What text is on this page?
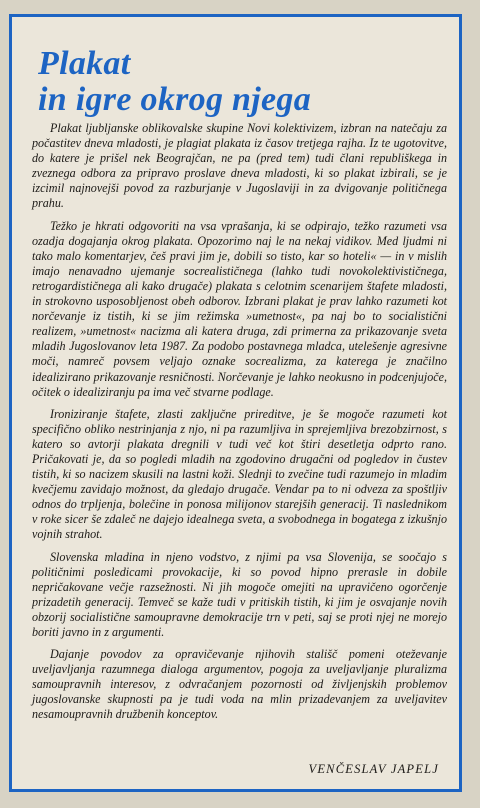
Plakat
in igre okrog njega

Plakat ljubljanske oblikovalske skupine Novi kolektivizem, izbran na natečaju za počastitev dneva mladosti, je plagiat plakata iz časov tretjega rajha. Iz te ugotovitve, do katere je prišel nek Beograjčan, ne pa (pred tem) tudi člani republiškega in zveznega odbora za pripravo proslave dneva mladosti, ki so plakat izbirali, se je izcimil najnovejši povod za razburjanje v Jugoslaviji in za dvigovanje političnega prahu.

Težko je hkrati odgovoriti na vsa vprašanja, ki se odpirajo, težko razumeti vsa ozadja dogajanja okrog plakata. Opozorimo naj le na nekaj vidikov. Med ljudmi ni tako malo komentarjev, češ pravi jim je, dobili so tisto, kar so hoteli« — in v mislih imajo nenavadno ujemanje socrealističnega (lahko tudi novokolektivističnega, retrogardističnega ali kako drugače) plakata s celotnim scenarijem štafete mladosti, in strokovno usposobljenost obeh odborov. Izbrani plakat je prav lahko razumeti kot norčevanje iz tistih, ki se jim režimska »umetnost«, pa naj bo to socialistični realizem, »umetnost« nacizma ali katera druga, zdi primerna za prikazovanje sveta mladih Jugoslovanov leta 1987. Za podobo postavnega mladca, utelešenje agresivne moči, namreč povsem veljajo oznake socrealizma, za katerega je značilno idealizirano prikazovanje resničnosti. Norčevanje je lahko neokusno in podcenjujoče, očitek o idealiziranju pa ima več stvarne podlage.

Ironiziranje štafete, zlasti zaključne prireditve, je še mogoče razumeti kot specifično obliko nestrinjanja z njo, ni pa razumljiva in sprejemljiva brezobzirnost, s katero so avtorji plakata dregnili v tudi več kot štiri desetletja odprto rano. Pričakovati je, da so pogledi mladih na zgodovino drugačni od pogledov in čustev tistih, ki so nacizem skusili na lastni koži. Slednji to zvečine tudi razumejo in mladim kvečjemu zavidajo možnost, da gledajo drugače. Vendar pa to ni odveza za spoštljiv odnos do trpljenja, bolečine in ponosa milijonov starejših generacij. Ti naslednikom v roke sicer še zdaleč ne dajejo idealnega sveta, a svobodnega in bogatega z izkušnjo vojnih strahot.

Slovenska mladina in njeno vodstvo, z njimi pa vsa Slovenija, se soočajo s političnimi posledicami provokacije, ki so povod hipno prerasle in dobile nepričakovane večje razsežnosti. Ni jih mogoče omejiti na upravičeno ogorčenje prizadetih generacij. Temveč se kaže tudi v pritiskih tistih, ki jim je osvajanje novih obzorij socialistične samoupravne demokracije trn v peti, saj se proti njej ne morejo boriti javno in z argumenti.

Dajanje povodov za opravičevanje njihovih stališč pomeni oteževanje uveljavljanja razumnega dialoga argumentov, pogoja za uveljavljanje pluralizma samoupravnih interesov, z odvračanjem pozornosti od življenjskih problemov jugoslovanske skupnosti pa je tudi voda na mlin prizadevanjem za uveljavitev nesamoupravnih družbenih konceptov.

VENČESLAV JAPELJ
